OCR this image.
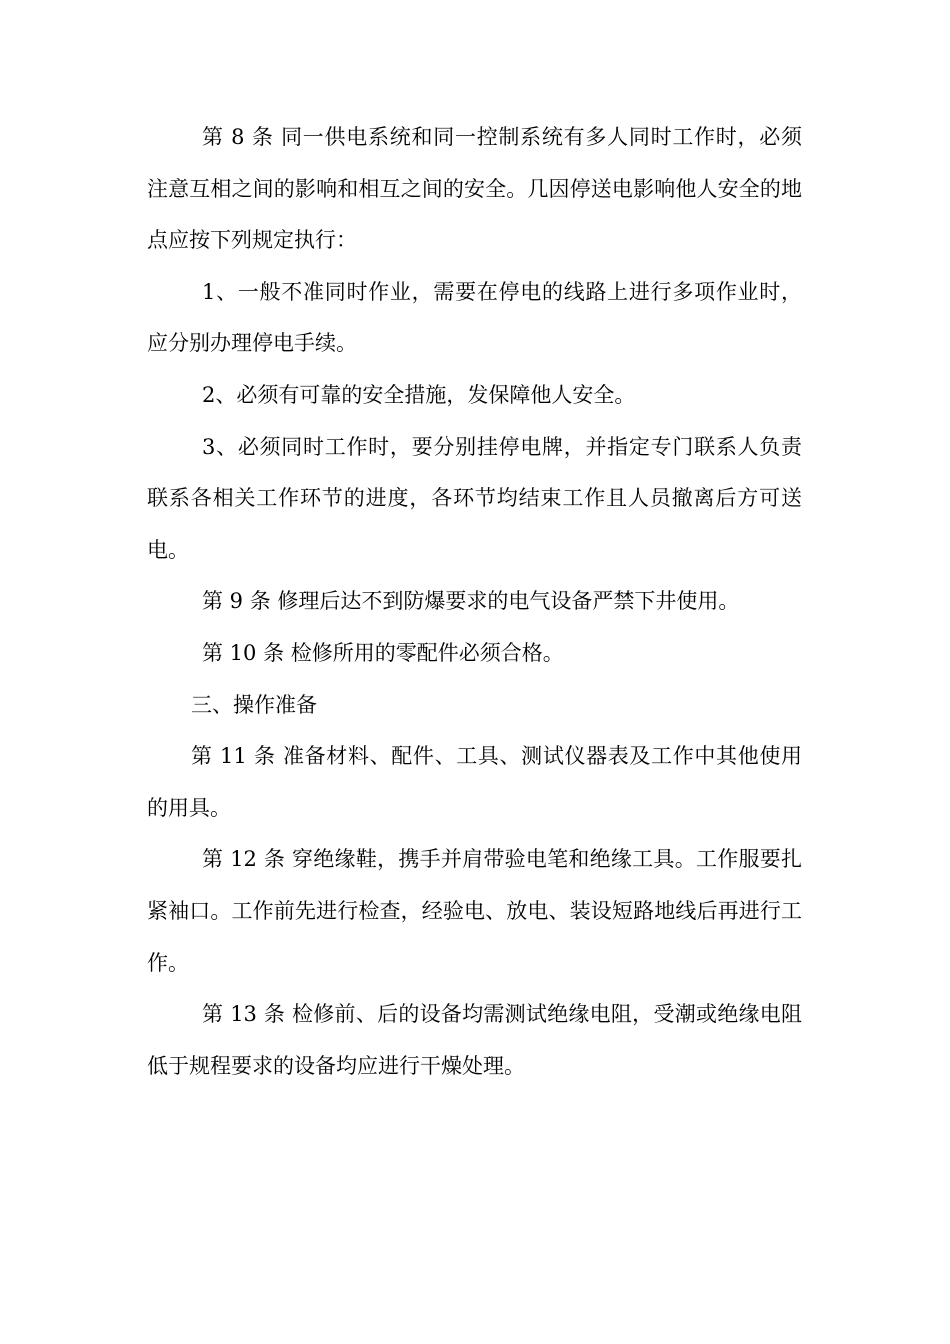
第 8 条 同一供电系统和同一控制系统有多人同时工作时，必须注意互相之间的影响和相互之间的安全。几因停送电影响他人安全的地点应按下列规定执行：

1、一般不准同时作业，需要在停电的线路上进行多项作业时，应分别办理停电手续。

2、必须有可靠的安全措施，发保障他人安全。

3、必须同时工作时，要分别挂停电牌，并指定专门联系人负责联系各相关工作环节的进度，各环节均结束工作且人员撤离后方可送电。

第 9 条 修理后达不到防爆要求的电气设备严禁下井使用。

第 10 条 检修所用的零配件必须合格。

三、操作准备

第 11 条 准备材料、配件、工具、测试仪器表及工作中其他使用的用具。

第 12 条 穿绝缘鞋，携手并肩带验电笔和绝缘工具。工作服要扎紧袖口。工作前先进行检查，经验电、放电、装设短路地线后再进行工作。

第 13 条 检修前、后的设备均需测试绝缘电阻，受潮或绝缘电阻低于规程要求的设备均应进行干燥处理。
